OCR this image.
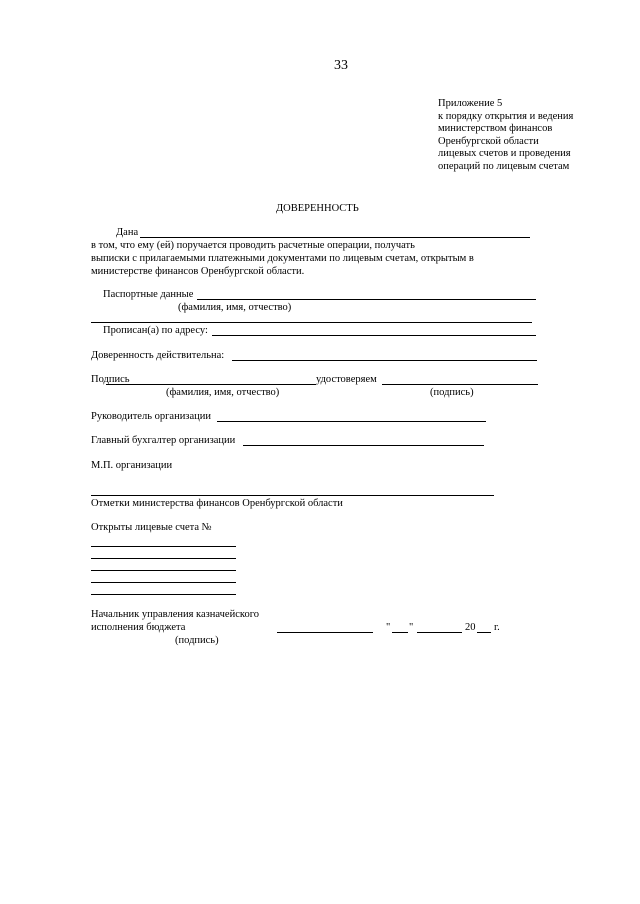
33
Приложение 5
к порядку открытия и ведения
министерством финансов
Оренбургской области
лицевых счетов и проведения
операций по лицевым счетам
ДОВЕРЕННОСТЬ
Дана
в том, что ему (ей) поручается проводить расчетные операции, получать
выписки с прилагаемыми платежными документами по лицевым счетам, открытым в
министерстве финансов Оренбургской области.
Паспортные данные
(фамилия, имя, отчество)
Прописан(а) по адресу:
Доверенность действительна:
Подпись	удостоверяем
(фамилия, имя, отчество)	(подпись)
Руководитель организации
Главный бухгалтер организации
М.П. организации
Отметки министерства финансов Оренбургской области
Открыты лицевые счета №
Начальник управления казначейского
исполнения бюджета
(подпись)
" "	20 г.
